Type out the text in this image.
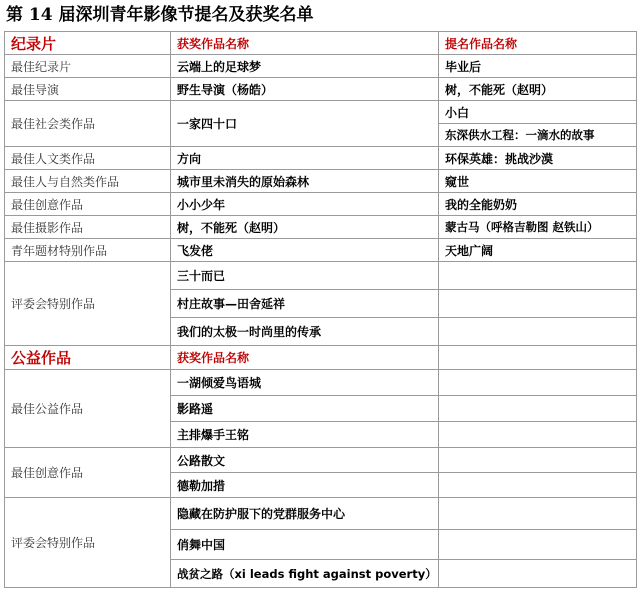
第 14 届深圳青年影像节提名及获奖名单
纪录片	获奖作品名称	提名作品名称
最佳纪录片	云端上的足球梦	毕业后
最佳导演	野生导演（杨皓）	树，不能死（赵明）
最佳社会类作品	一家四十口	小白
		东深供水工程：一滴水的故事
最佳人文类作品	方向	环保英雄：挑战沙漠
最佳人与自然类作品	城市里未消失的原始森林	窥世
最佳创意作品	小小少年	我的全能奶奶
最佳摄影作品	树，不能死（赵明）	蒙古马（呼格吉勒图 赵铁山）
青年题材特别作品	飞发佬	天地广阔
评委会特别作品	三十而已	
	村庄故事—田舍延祥	
	我们的太极一时尚里的传承	
公益作品	获奖作品名称	
最佳公益作品	一湖倾爱鸟语城	
	影路遥	
	主排爆手王铭	
最佳创意作品	公路散文	
	德勒加措	
评委会特别作品	隐藏在防护服下的党群服务中心	
	俏舞中国	
	战贫之路（xi leads fight against poverty）	
